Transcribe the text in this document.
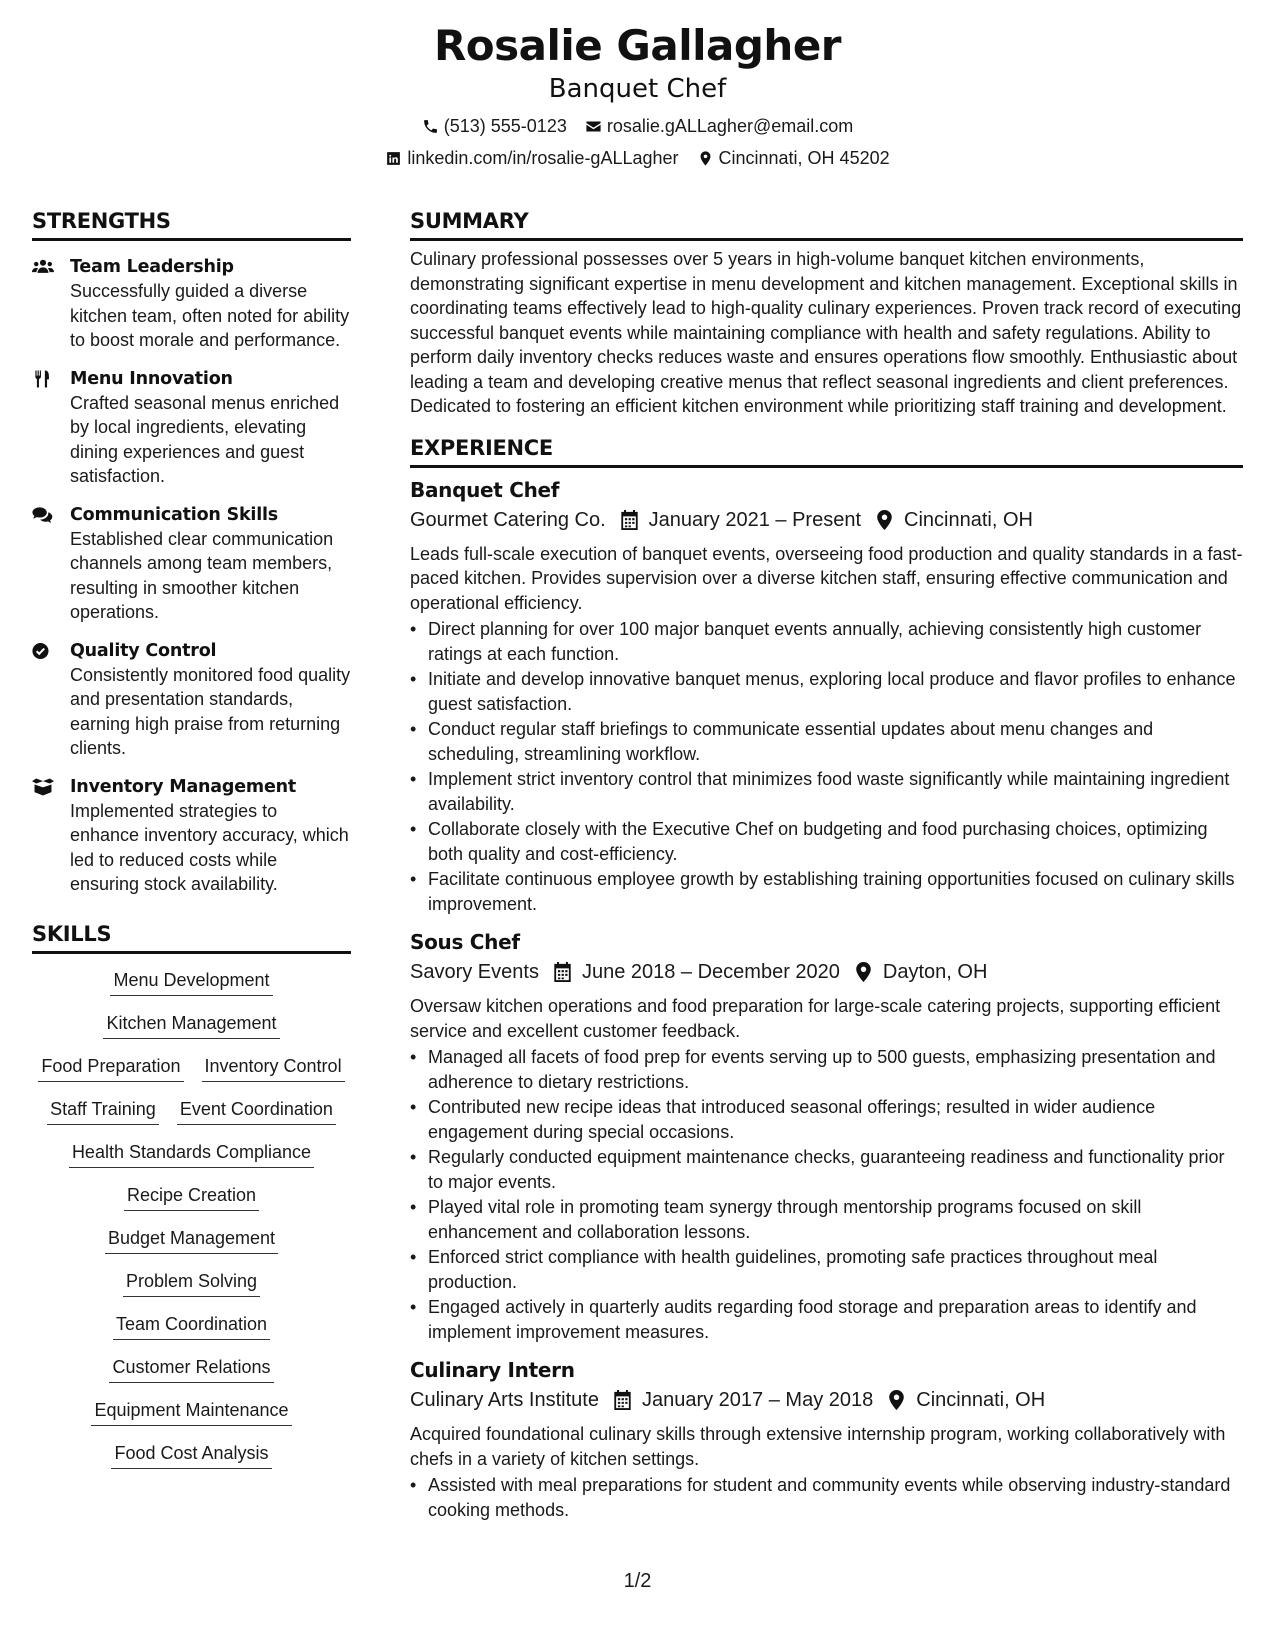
Rosalie Gallagher
Banquet Chef
(513) 555-0123 rosalie.gALLagher@email.com
linkedin.com/in/rosalie-gALLagher Cincinnati, OH 45202
STRENGTHS
Team Leadership
Successfully guided a diverse kitchen team, often noted for ability to boost morale and performance.
Menu Innovation
Crafted seasonal menus enriched by local ingredients, elevating dining experiences and guest satisfaction.
Communication Skills
Established clear communication channels among team members, resulting in smoother kitchen operations.
Quality Control
Consistently monitored food quality and presentation standards, earning high praise from returning clients.
Inventory Management
Implemented strategies to enhance inventory accuracy, which led to reduced costs while ensuring stock availability.
SKILLS
Menu Development
Kitchen Management
Food Preparation Inventory Control
Staff Training Event Coordination
Health Standards Compliance
Recipe Creation
Budget Management
Problem Solving
Team Coordination
Customer Relations
Equipment Maintenance
Food Cost Analysis
SUMMARY
Culinary professional possesses over 5 years in high-volume banquet kitchen environments, demonstrating significant expertise in menu development and kitchen management. Exceptional skills in coordinating teams effectively lead to high-quality culinary experiences. Proven track record of executing successful banquet events while maintaining compliance with health and safety regulations. Ability to perform daily inventory checks reduces waste and ensures operations flow smoothly. Enthusiastic about leading a team and developing creative menus that reflect seasonal ingredients and client preferences. Dedicated to fostering an efficient kitchen environment while prioritizing staff training and development.
EXPERIENCE
Banquet Chef
Gourmet Catering Co. January 2021 – Present Cincinnati, OH
Leads full-scale execution of banquet events, overseeing food production and quality standards in a fast-paced kitchen. Provides supervision over a diverse kitchen staff, ensuring effective communication and operational efficiency.
• Direct planning for over 100 major banquet events annually, achieving consistently high customer ratings at each function.
• Initiate and develop innovative banquet menus, exploring local produce and flavor profiles to enhance guest satisfaction.
• Conduct regular staff briefings to communicate essential updates about menu changes and scheduling, streamlining workflow.
• Implement strict inventory control that minimizes food waste significantly while maintaining ingredient availability.
• Collaborate closely with the Executive Chef on budgeting and food purchasing choices, optimizing both quality and cost-efficiency.
• Facilitate continuous employee growth by establishing training opportunities focused on culinary skills improvement.
Sous Chef
Savory Events June 2018 – December 2020 Dayton, OH
Oversaw kitchen operations and food preparation for large-scale catering projects, supporting efficient service and excellent customer feedback.
• Managed all facets of food prep for events serving up to 500 guests, emphasizing presentation and adherence to dietary restrictions.
• Contributed new recipe ideas that introduced seasonal offerings; resulted in wider audience engagement during special occasions.
• Regularly conducted equipment maintenance checks, guaranteeing readiness and functionality prior to major events.
• Played vital role in promoting team synergy through mentorship programs focused on skill enhancement and collaboration lessons.
• Enforced strict compliance with health guidelines, promoting safe practices throughout meal production.
• Engaged actively in quarterly audits regarding food storage and preparation areas to identify and implement improvement measures.
Culinary Intern
Culinary Arts Institute January 2017 – May 2018 Cincinnati, OH
Acquired foundational culinary skills through extensive internship program, working collaboratively with chefs in a variety of kitchen settings.
• Assisted with meal preparations for student and community events while observing industry-standard cooking methods.
1/2
